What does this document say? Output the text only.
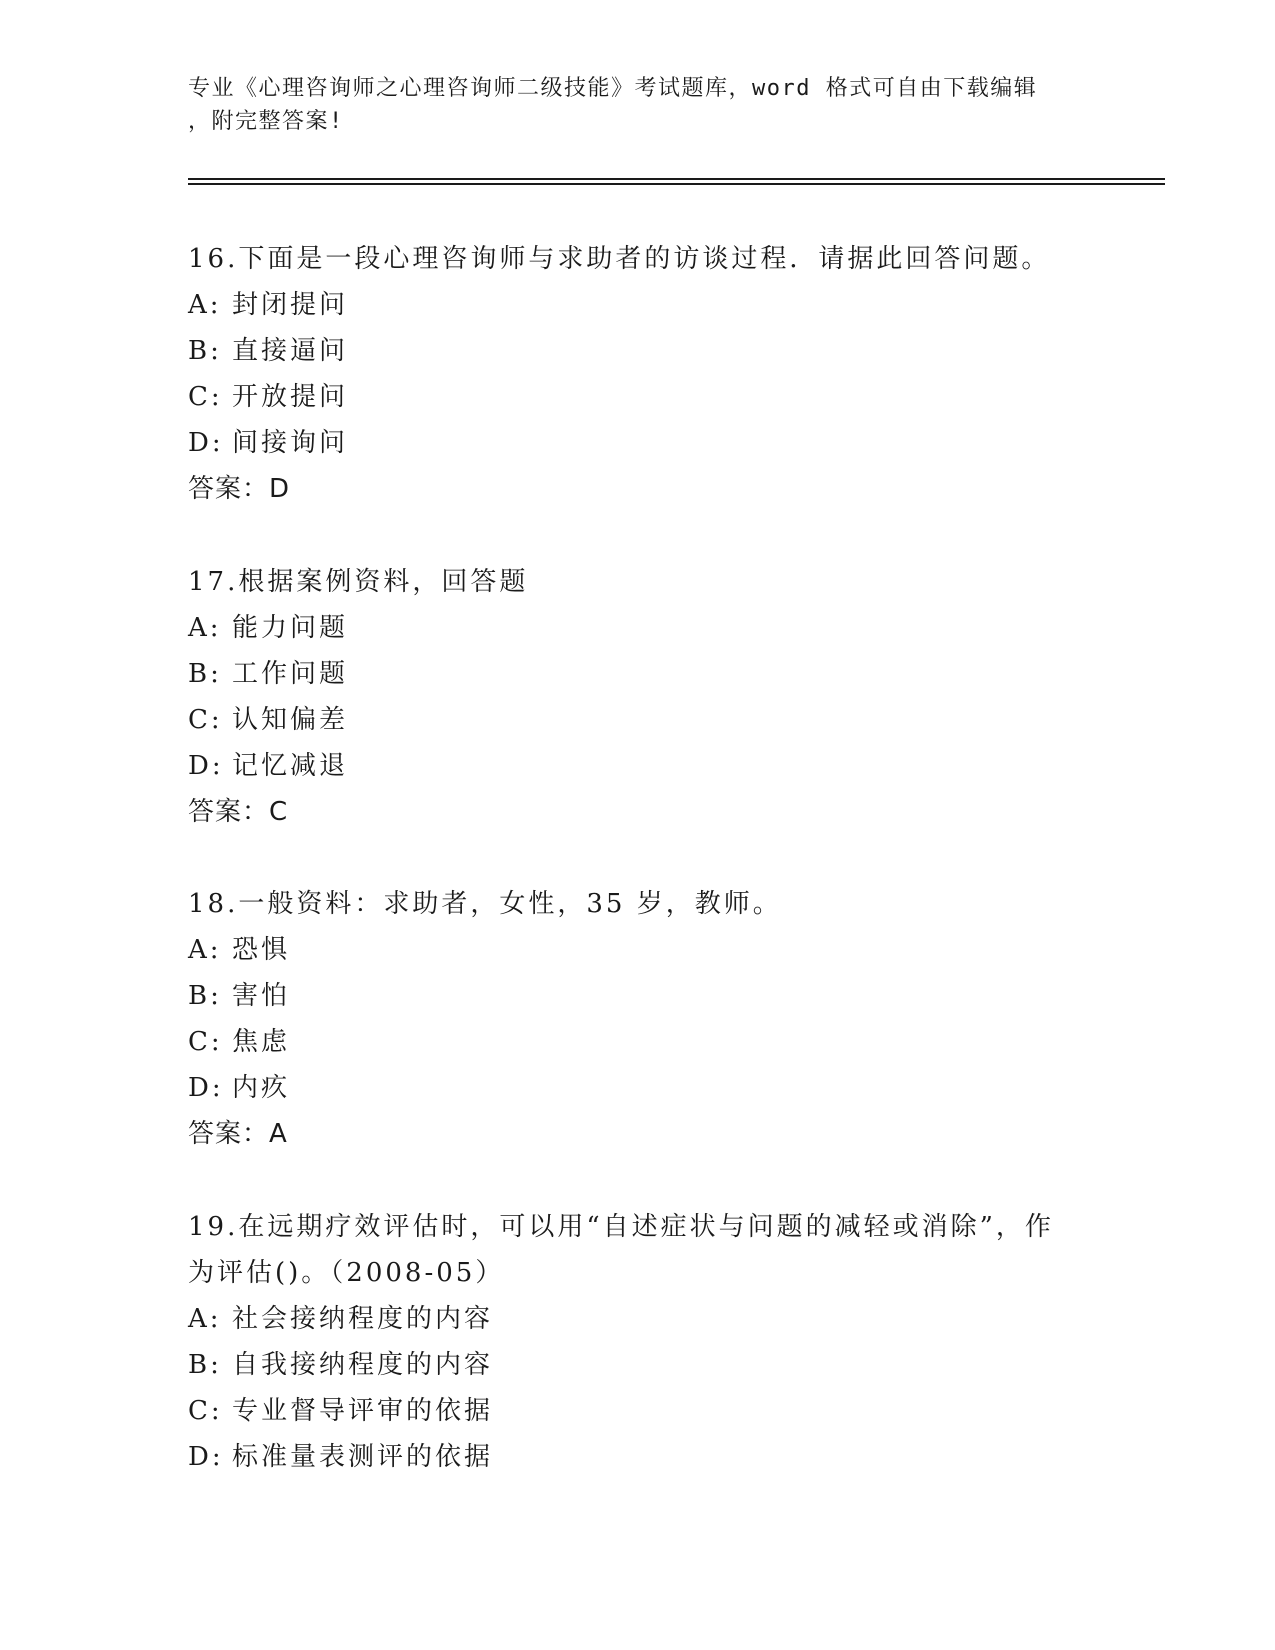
专业《心理咨询师之心理咨询师二级技能》考试题库，word 格式可自由下载编辑
，附完整答案!

16.下面是一段心理咨询师与求助者的访谈过程．请据此回答问题。

A: 封闭提问

B: 直接逼问

C: 开放提问

D: 间接询问

答案：D

17.根据案例资料，回答题

A: 能力问题

B: 工作问题

C: 认知偏差

D: 记忆减退

答案：C

18.一般资料：求助者，女性，35 岁，教师。

A: 恐惧

B: 害怕

C: 焦虑

D: 内疚

答案：A

19.在远期疗效评估时，可以用“自述症状与问题的减轻或消除”，作

为评估()。（2008-05）

A: 社会接纳程度的内容

B: 自我接纳程度的内容

C: 专业督导评审的依据

D: 标准量表测评的依据
